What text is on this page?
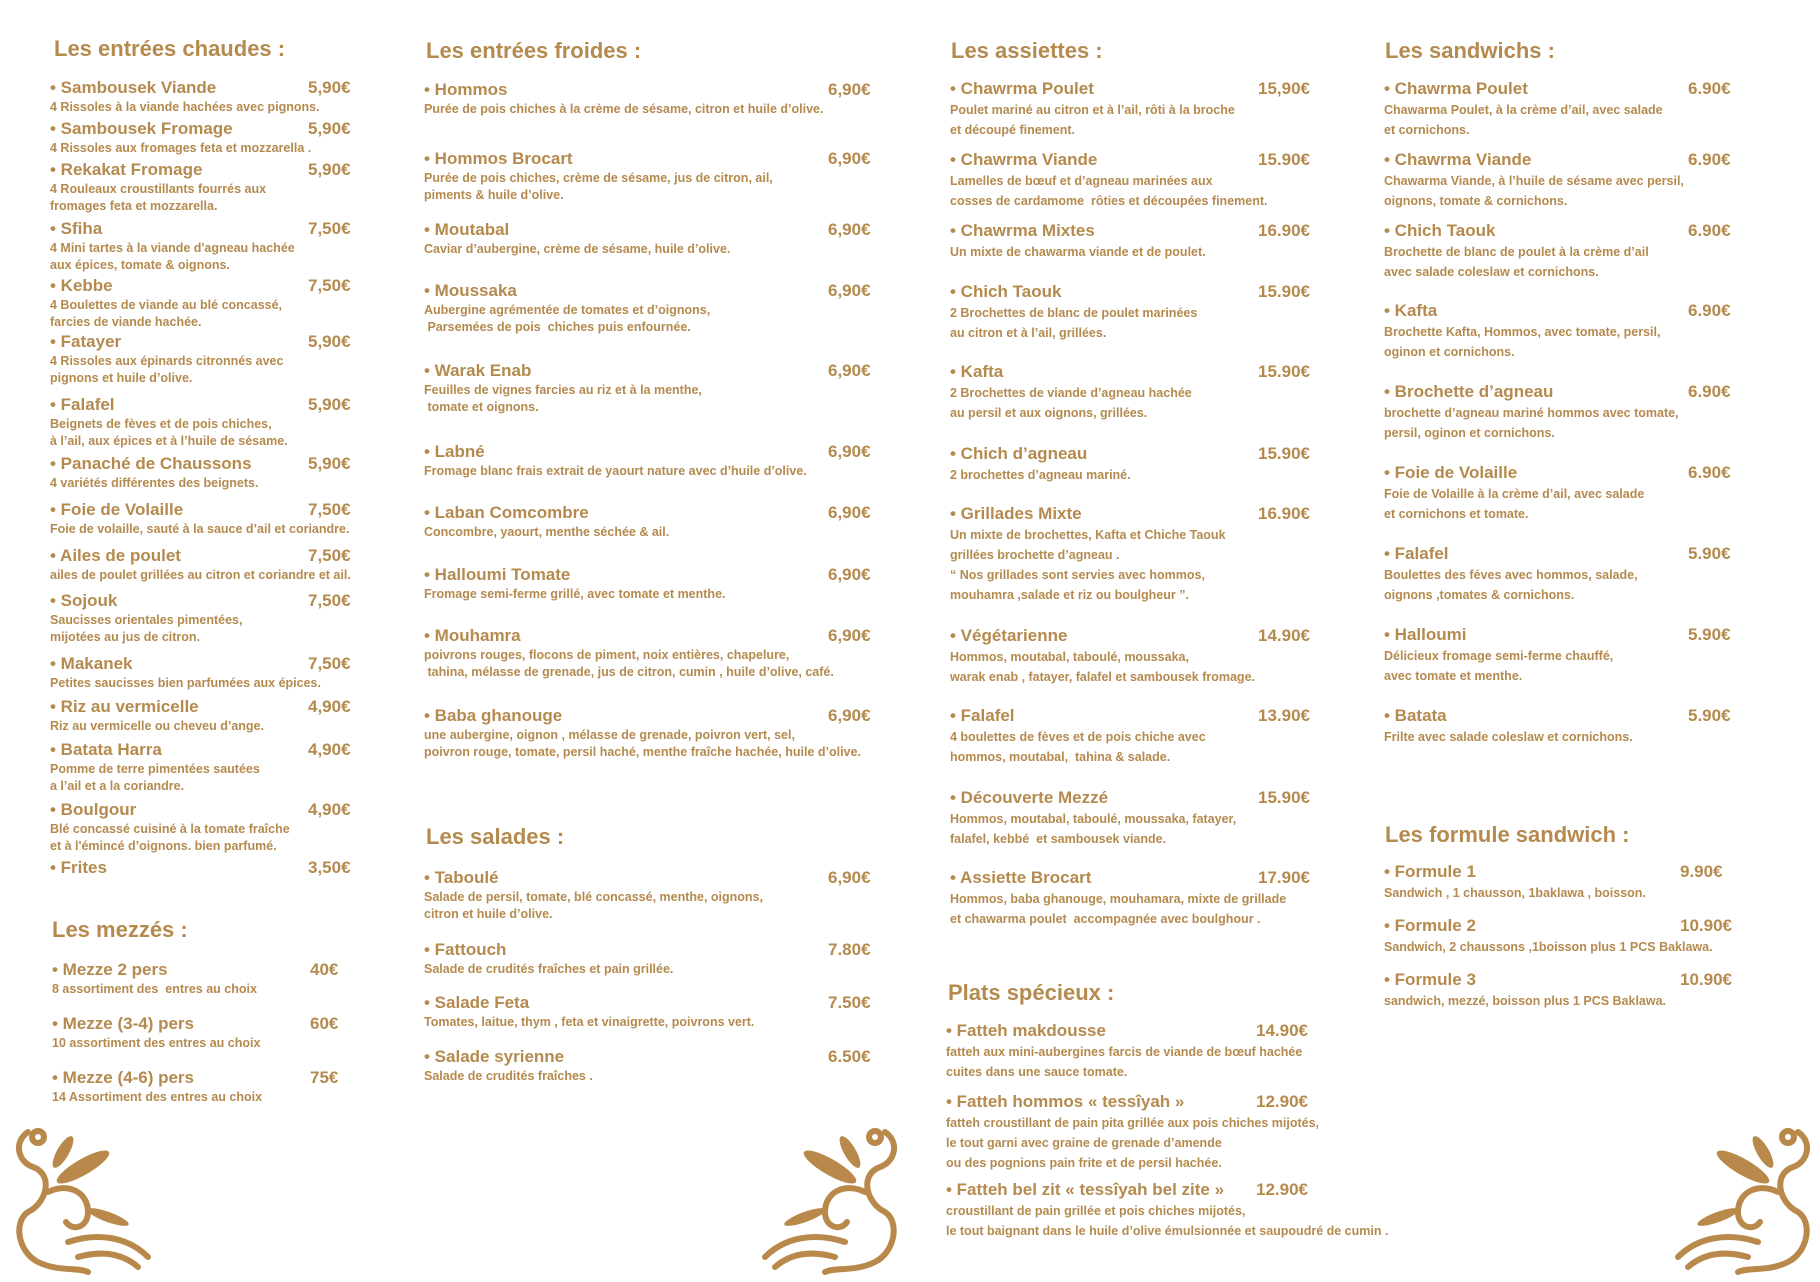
Les entrées chaudes :
• Sambousek Viande	5,90€
4 Rissoles à la viande hachées avec pignons.
• Sambousek Fromage	5,90€
4 Rissoles aux fromages feta et mozzarella .
• Rekakat Fromage	5,90€
4 Rouleaux croustillants fourrés aux
fromages feta et mozzarella.
• Sfiha	7,50€
4 Mini tartes à la viande d'agneau hachée
aux épices, tomate & oignons.
• Kebbe	7,50€
4 Boulettes de viande au blé concassé,
farcies de viande hachée.
• Fatayer	5,90€
4 Rissoles aux épinards citronnés avec
pignons et huile d’olive.
• Falafel	5,90€
Beignets de fèves et de pois chiches,
à l’ail, aux épices et à l’huile de sésame.
• Panaché de Chaussons	5,90€
4 variétés différentes des beignets.
• Foie de Volaille	7,50€
Foie de volaille, sauté à la sauce d’ail et coriandre.
• Ailes de poulet	7,50€
ailes de poulet grillées au citron et coriandre et ail.
• Sojouk	7,50€
Saucisses orientales pimentées,
mijotées au jus de citron.
• Makanek	7,50€
Petites saucisses bien parfumées aux épices.
• Riz au vermicelle	4,90€
Riz au vermicelle ou cheveu d’ange.
• Batata Harra	4,90€
Pomme de terre pimentées sautées
a l’ail et a la coriandre.
• Boulgour	4,90€
Blé concassé cuisiné à la tomate fraîche
et à l'émincé d’oignons. bien parfumé.
• Frites	3,50€
Les mezzés :
• Mezze 2 pers	40€
8 assortiment des  entres au choix
• Mezze (3-4) pers	60€
10 assortiment des entres au choix
• Mezze (4-6) pers	75€
14 Assortiment des entres au choix
Les entrées froides :
• Hommos	6,90€
Purée de pois chiches à la crème de sésame, citron et huile d’olive.
• Hommos Brocart	6,90€
Purée de pois chiches, crème de sésame, jus de citron, ail,
piments & huile d’olive.
• Moutabal	6,90€
Caviar d’aubergine, crème de sésame, huile d’olive.
• Moussaka	6,90€
Aubergine agrémentée de tomates et d’oignons,
Parsemées de pois  chiches puis enfournée.
• Warak Enab	6,90€
Feuilles de vignes farcies au riz et à la menthe,
tomate et oignons.
• Labné	6,90€
Fromage blanc frais extrait de yaourt nature avec d’huile d’olive.
• Laban Comcombre	6,90€
Concombre, yaourt, menthe séchée & ail.
• Halloumi Tomate	6,90€
Fromage semi-ferme grillé, avec tomate et menthe.
• Mouhamra	6,90€
poivrons rouges, flocons de piment, noix entières, chapelure,
tahina, mélasse de grenade, jus de citron, cumin , huile d’olive, café.
• Baba ghanouge	6,90€
une aubergine, oignon , mélasse de grenade, poivron vert, sel,
poivron rouge, tomate, persil haché, menthe fraîche hachée, huile d’olive.
Les salades :
• Taboulé	6,90€
Salade de persil, tomate, blé concassé, menthe, oignons,
citron et huile d’olive.
• Fattouch	7.80€
Salade de crudités fraîches et pain grillée.
• Salade Feta	7.50€
Tomates, laitue, thym , feta et vinaigrette, poivrons vert.
• Salade syrienne	6.50€
Salade de crudités fraîches .
Les assiettes :
• Chawrma Poulet	15,90€
Poulet mariné au citron et à l’ail, rôti à la broche
et découpé finement.
• Chawrma Viande	15.90€
Lamelles de bœuf et d’agneau marinées aux
cosses de cardamome  rôties et découpées finement.
• Chawrma Mixtes	16.90€
Un mixte de chawarma viande et de poulet.
• Chich Taouk	15.90€
2 Brochettes de blanc de poulet marinées
au citron et à l’ail, grillées.
• Kafta	15.90€
2 Brochettes de viande d’agneau hachée
au persil et aux oignons, grillées.
• Chich d’agneau	15.90€
2 brochettes d’agneau mariné.
• Grillades Mixte	16.90€
Un mixte de brochettes, Kafta et Chiche Taouk
grillées brochette d’agneau .
“ Nos grillades sont servies avec hommos,
mouhamra ,salade et riz ou boulgheur ”.
• Végétarienne	14.90€
Hommos, moutabal, taboulé, moussaka,
warak enab , fatayer, falafel et sambousek fromage.
• Falafel	13.90€
4 boulettes de fèves et de pois chiche avec
hommos, moutabal,  tahina & salade.
• Découverte Mezzé	15.90€
Hommos, moutabal, taboulé, moussaka, fatayer,
falafel, kebbé  et sambousek viande.
• Assiette Brocart	17.90€
Hommos, baba ghanouge, mouhamara, mixte de grillade
et chawarma poulet  accompagnée avec boulghour .
Plats spécieux :
• Fatteh makdousse	14.90€
fatteh aux mini-aubergines farcis de viande de bœuf hachée
cuites dans une sauce tomate.
• Fatteh hommos « tessîyah »	12.90€
fatteh croustillant de pain pita grillée aux pois chiches mijotés,
le tout garni avec graine de grenade d’amende
ou des pognions pain frite et de persil hachée.
• Fatteh bel zit « tessîyah bel zite »	12.90€
croustillant de pain grillée et pois chiches mijotés,
le tout baignant dans le huile d’olive émulsionnée et saupoudré de cumin .
Les sandwichs :
• Chawrma Poulet	6.90€
Chawarma Poulet, à la crème d’ail, avec salade
et cornichons.
• Chawrma Viande	6.90€
Chawarma Viande, à l’huile de sésame avec persil,
oignons, tomate & cornichons.
• Chich Taouk	6.90€
Brochette de blanc de poulet à la crème d’ail
avec salade coleslaw et cornichons.
• Kafta	6.90€
Brochette Kafta, Hommos, avec tomate, persil,
oginon et cornichons.
• Brochette d’agneau	6.90€
brochette d’agneau mariné hommos avec tomate,
persil, oginon et cornichons.
• Foie de Volaille	6.90€
Foie de Volaille à la crème d’ail, avec salade
et cornichons et tomate.
• Falafel	5.90€
Boulettes des féves avec hommos, salade,
oignons ,tomates & cornichons.
• Halloumi	5.90€
Délicieux fromage semi-ferme chauffé,
avec tomate et menthe.
• Batata	5.90€
Frilte avec salade coleslaw et cornichons.
Les formule sandwich :
• Formule 1	9.90€
Sandwich , 1 chausson, 1baklawa , boisson.
• Formule 2	10.90€
Sandwich, 2 chaussons ,1boisson plus 1 PCS Baklawa.
• Formule 3	10.90€
sandwich, mezzé, boisson plus 1 PCS Baklawa.
